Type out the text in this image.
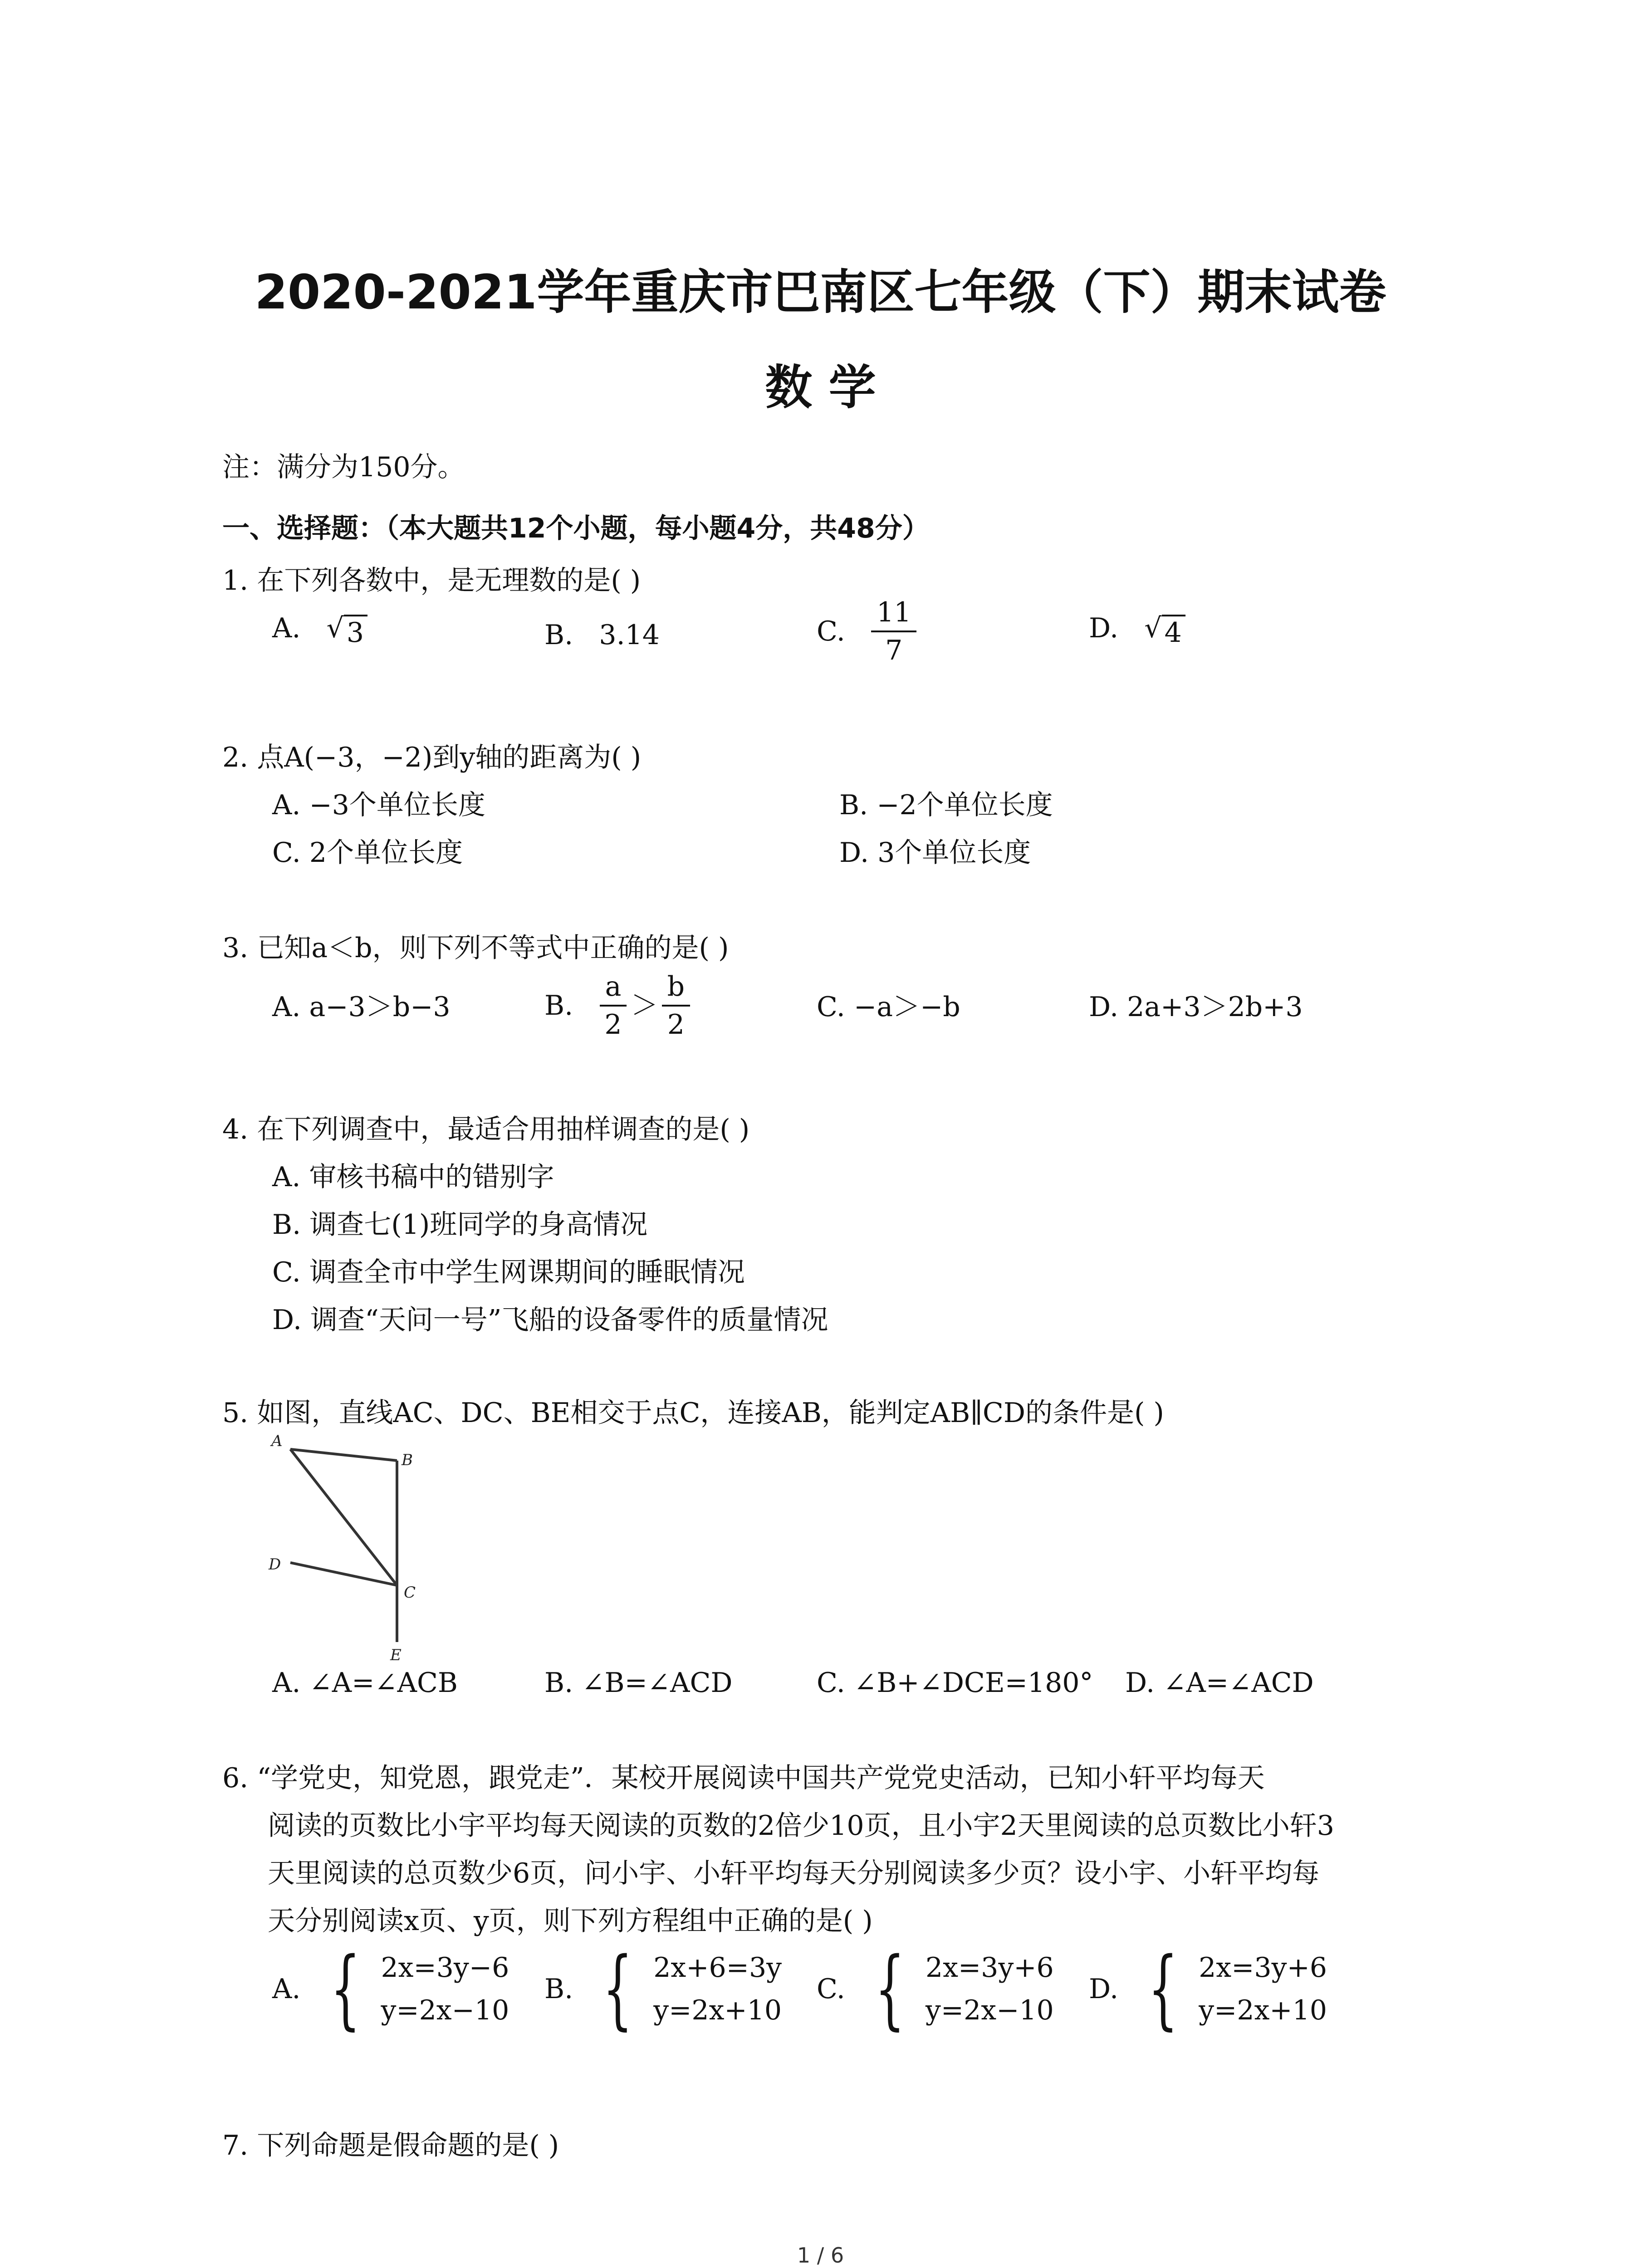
2020-2021学年重庆市巴南区七年级（下）期末试卷
数 学
注：满分为150分。
一、选择题：（本大题共12个小题，每小题4分，共48分）
1. 在下列各数中，是无理数的是( )
A. √ 3	B. 3.14	C.
$\frac{11}{7}$	D. √ 4
2. 点A(−3，−2)到y轴的距离为( )
A. −3个单位长度	B. −2个单位长度
C. 2个单位长度	D. 3个单位长度
3. 已知a＜b，则下列不等式中正确的是( )
A. a−3＞b−3	B.
$\frac{a}{2} > \frac{b}{2}$	C. −a＞−b	D. 2a+3＞2b+3
4. 在下列调查中，最适合用抽样调查的是( )
A. 审核书稿中的错别字
B. 调查七(1)班同学的身高情况
C. 调查全市中学生网课期间的睡眠情况
D. 调查“天问一号”飞船的设备零件的质量情况
5. 如图，直线AC、DC、BE相交于点C，连接AB，能判定AB∥CD的条件是( )
A
B
C
D
E
A. ∠A=∠ACB	B. ∠B=∠ACD	C. ∠B+∠DCE=180° D. ∠A=∠ACD
6. “学党史，知党恩，跟党走”．某校开展阅读中国共产党党史活动，已知小轩平均每天
阅读的页数比小宇平均每天阅读的页数的2倍少10页，且小宇2天里阅读的总页数比小轩3
天里阅读的总页数少6页，问小宇、小轩平均每天分别阅读多少页？设小宇、小轩平均每
天分别阅读x页、y页，则下列方程组中正确的是( )
A.
{ 2x=3y−6
y=2x−10
B.
{ 2x+6=3y
y=2x+10
C.
{ 2x=3y+6
y=2x−10
D.
{ 2x=3y+6
y=2x+10
7. 下列命题是假命题的是( )
1 / 6
